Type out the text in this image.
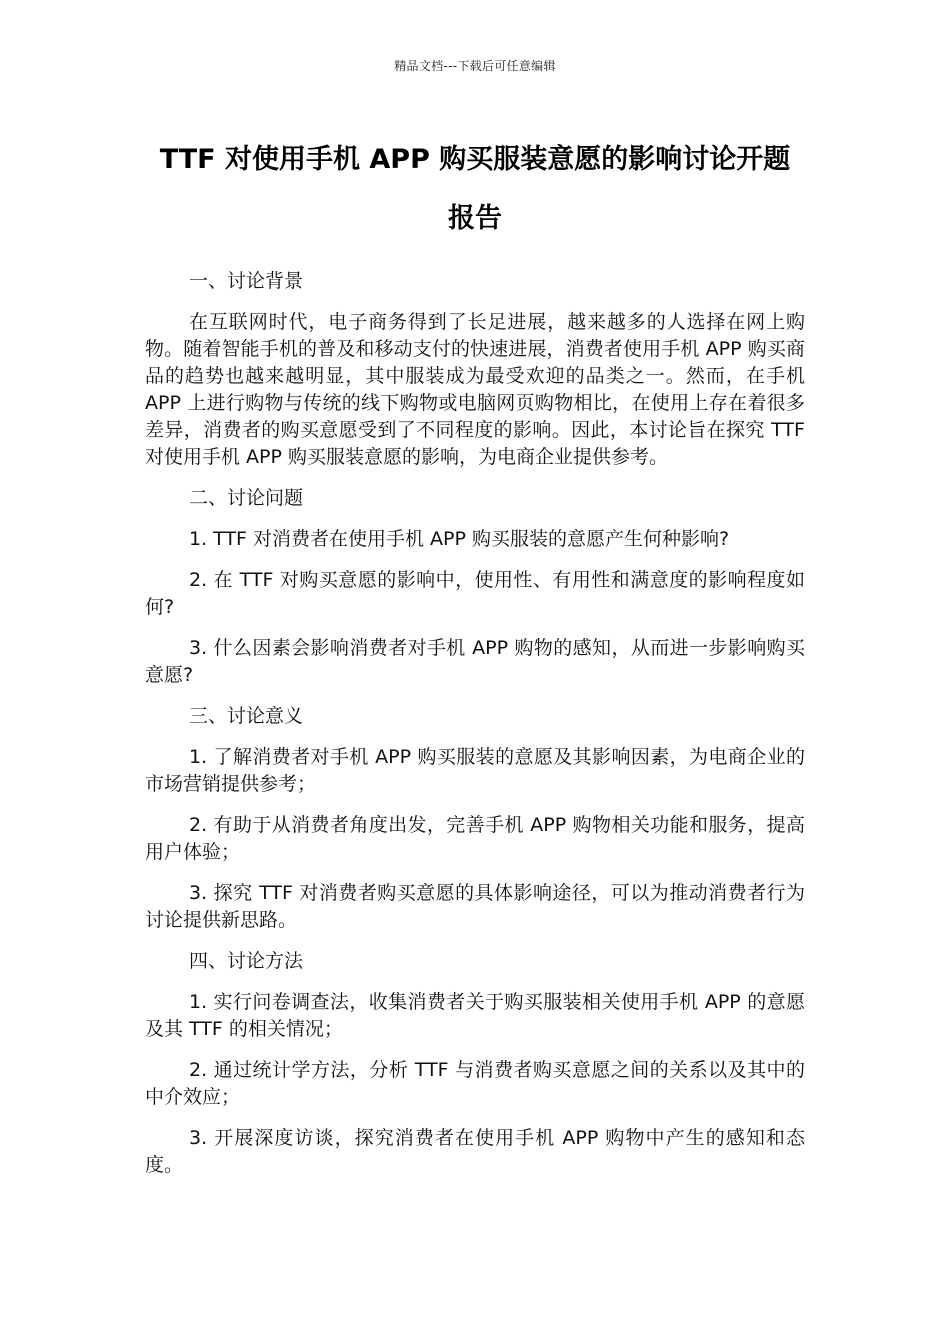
精品文档---下载后可任意编辑
TTF 对使用手机 APP 购买服装意愿的影响讨论开题
报告

一、讨论背景

在互联网时代，电子商务得到了长足进展，越来越多的人选择在网上购物。随着智能手机的普及和移动支付的快速进展，消费者使用手机 APP 购买商品的趋势也越来越明显，其中服装成为最受欢迎的品类之一。然而，在手机 APP 上进行购物与传统的线下购物或电脑网页购物相比，在使用上存在着很多差异，消费者的购买意愿受到了不同程度的影响。因此，本讨论旨在探究 TTF 对使用手机 APP 购买服装意愿的影响，为电商企业提供参考。

二、讨论问题

1. TTF 对消费者在使用手机 APP 购买服装的意愿产生何种影响?

2. 在 TTF 对购买意愿的影响中，使用性、有用性和满意度的影响程度如何?

3. 什么因素会影响消费者对手机 APP 购物的感知，从而进一步影响购买意愿?

三、讨论意义

1. 了解消费者对手机 APP 购买服装的意愿及其影响因素，为电商企业的市场营销提供参考；

2. 有助于从消费者角度出发，完善手机 APP 购物相关功能和服务，提高用户体验；

3. 探究 TTF 对消费者购买意愿的具体影响途径，可以为推动消费者行为讨论提供新思路。

四、讨论方法

1. 实行问卷调查法，收集消费者关于购买服装相关使用手机 APP 的意愿及其 TTF 的相关情况；

2. 通过统计学方法，分析 TTF 与消费者购买意愿之间的关系以及其中的中介效应；

3. 开展深度访谈，探究消费者在使用手机 APP 购物中产生的感知和态度。
